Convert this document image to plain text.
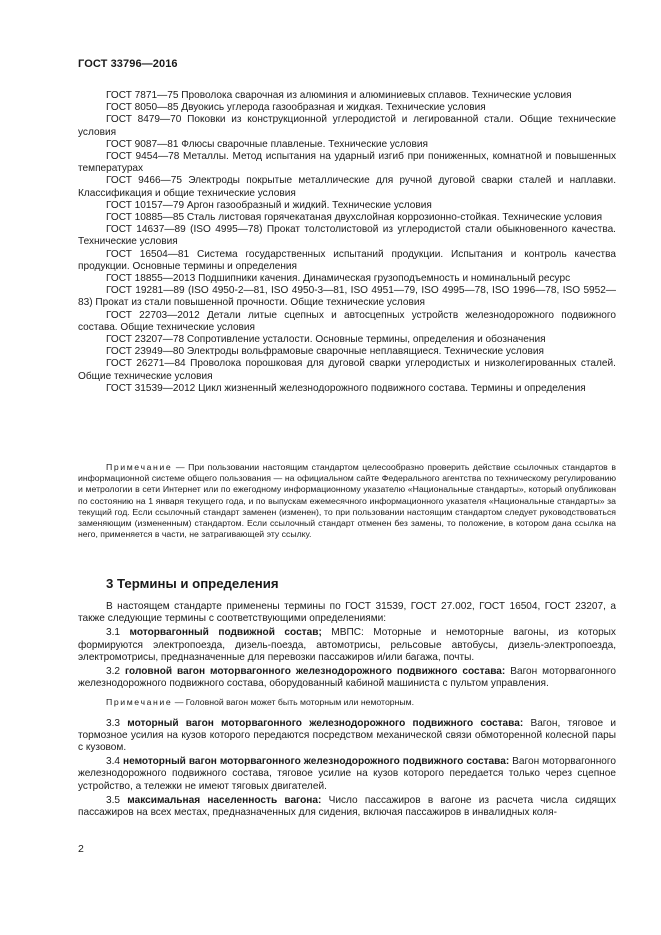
ГОСТ 33796—2016

ГОСТ 7871—75 Проволока сварочная из алюминия и алюминиевых сплавов. Технические условия

ГОСТ 8050—85 Двуокись углерода газообразная и жидкая. Технические условия

ГОСТ 8479—70 Поковки из конструкционной углеродистой и легированной стали. Общие технические условия

ГОСТ 9087—81 Флюсы сварочные плавленые. Технические условия

ГОСТ 9454—78 Металлы. Метод испытания на ударный изгиб при пониженных, комнатной и повышенных температурах

ГОСТ 9466—75 Электроды покрытые металлические для ручной дуговой сварки сталей и наплавки. Классификация и общие технические условия

ГОСТ 10157—79 Аргон газообразный и жидкий. Технические условия

ГОСТ 10885—85 Сталь листовая горячекатаная двухслойная коррозионно-стойкая. Технические условия

ГОСТ 14637—89 (ISO 4995—78) Прокат толстолистовой из углеродистой стали обыкновенного качества. Технические условия

ГОСТ 16504—81 Система государственных испытаний продукции. Испытания и контроль качества продукции. Основные термины и определения

ГОСТ 18855—2013 Подшипники качения. Динамическая грузоподъемность и номинальный ресурс

ГОСТ 19281—89 (ISO 4950-2—81, ISO 4950-3—81, ISO 4951—79, ISO 4995—78, ISO 1996—78, ISO 5952—83) Прокат из стали повышенной прочности. Общие технические условия

ГОСТ 22703—2012 Детали литые сцепных и автосцепных устройств железнодорожного подвижного состава. Общие технические условия

ГОСТ 23207—78 Сопротивление усталости. Основные термины, определения и обозначения

ГОСТ 23949—80 Электроды вольфрамовые сварочные неплавящиеся. Технические условия

ГОСТ 26271—84 Проволока порошковая для дуговой сварки углеродистых и низколегированных сталей. Общие технические условия

ГОСТ 31539—2012 Цикл жизненный железнодорожного подвижного состава. Термины и определения

Примечание — При пользовании настоящим стандартом целесообразно проверить действие ссылочных стандартов в информационной системе общего пользования — на официальном сайте Федерального агентства по техническому регулированию и метрологии в сети Интернет или по ежегодному информационному указателю «Национальные стандарты», который опубликован по состоянию на 1 января текущего года, и по выпускам ежемесячного информационного указателя «Национальные стандарты» за текущий год. Если ссылочный стандарт заменен (изменен), то при пользовании настоящим стандартом следует руководствоваться заменяющим (измененным) стандартом. Если ссылочный стандарт отменен без замены, то положение, в котором дана ссылка на него, применяется в части, не затрагивающей эту ссылку.

3 Термины и определения

В настоящем стандарте применены термины по ГОСТ 31539, ГОСТ 27.002, ГОСТ 16504, ГОСТ 23207, а также следующие термины с соответствующими определениями:

3.1 моторвагонный подвижной состав; МВПС: Моторные и немоторные вагоны, из которых формируются электропоезда, дизель-поезда, автомотрисы, рельсовые автобусы, дизель-электропоезда, электромотрисы, предназначенные для перевозки пассажиров и/или багажа, почты.

3.2 головной вагон моторвагонного железнодорожного подвижного состава: Вагон моторвагонного железнодорожного подвижного состава, оборудованный кабиной машиниста с пультом управления.

Примечание — Головной вагон может быть моторным или немоторным.

3.3 моторный вагон моторвагонного железнодорожного подвижного состава: Вагон, тяговое и тормозное усилия на кузов которого передаются посредством механической связи обмоторенной колесной пары с кузовом.

3.4 немоторный вагон моторвагонного железнодорожного подвижного состава: Вагон моторвагонного железнодорожного подвижного состава, тяговое усилие на кузов которого передается только через сцепное устройство, а тележки не имеют тяговых двигателей.

3.5 максимальная населенность вагона: Число пассажиров в вагоне из расчета числа сидящих пассажиров на всех местах, предназначенных для сидения, включая пассажиров в инвалидных коля-

2
